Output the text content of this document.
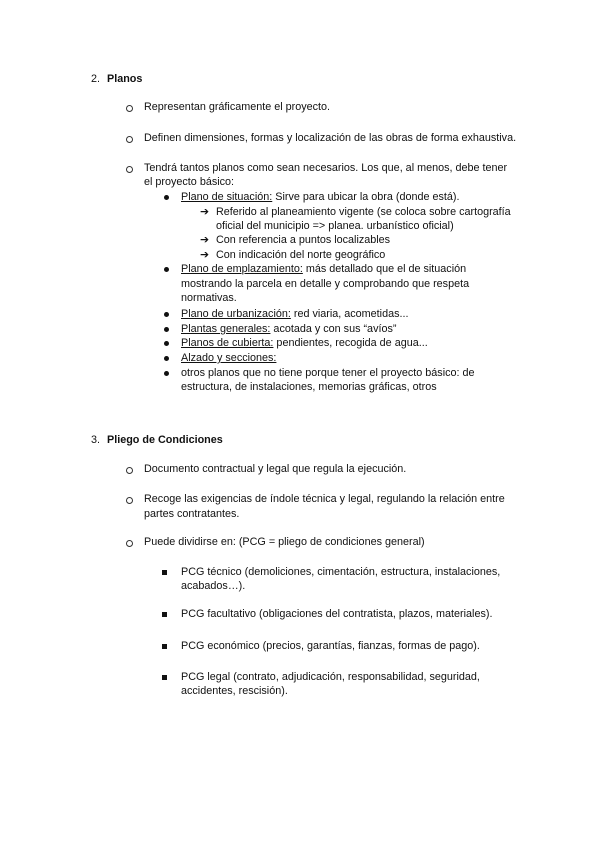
2. Planos
Representan gráficamente el proyecto.
Definen dimensiones, formas y localización de las obras de forma exhaustiva.
Tendrá tantos planos como sean necesarios. Los que, al menos, debe tener
el proyecto básico:
Plano de situación: Sirve para ubicar la obra (donde está).
➔ Referido al planeamiento vigente (se coloca sobre cartografía
oficial del municipio => planea. urbanístico oficial)
➔ Con referencia a puntos localizables
➔ Con indicación del norte geográfico
Plano de emplazamiento: más detallado que el de situación
mostrando la parcela en detalle y comprobando que respeta
normativas.
Plano de urbanización: red viaria, acometidas...
Plantas generales: acotada y con sus “avíos”
Planos de cubierta: pendientes, recogida de agua...
Alzado y secciones:
otros planos que no tiene porque tener el proyecto básico: de
estructura, de instalaciones, memorias gráficas, otros
3. Pliego de Condiciones
Documento contractual y legal que regula la ejecución.
Recoge las exigencias de índole técnica y legal, regulando la relación entre
partes contratantes.
Puede dividirse en: (PCG = pliego de condiciones general)
PCG técnico (demoliciones, cimentación, estructura, instalaciones,
acabados…).
PCG facultativo (obligaciones del contratista, plazos, materiales).
PCG económico (precios, garantías, fianzas, formas de pago).
PCG legal (contrato, adjudicación, responsabilidad, seguridad,
accidentes, rescisión).
